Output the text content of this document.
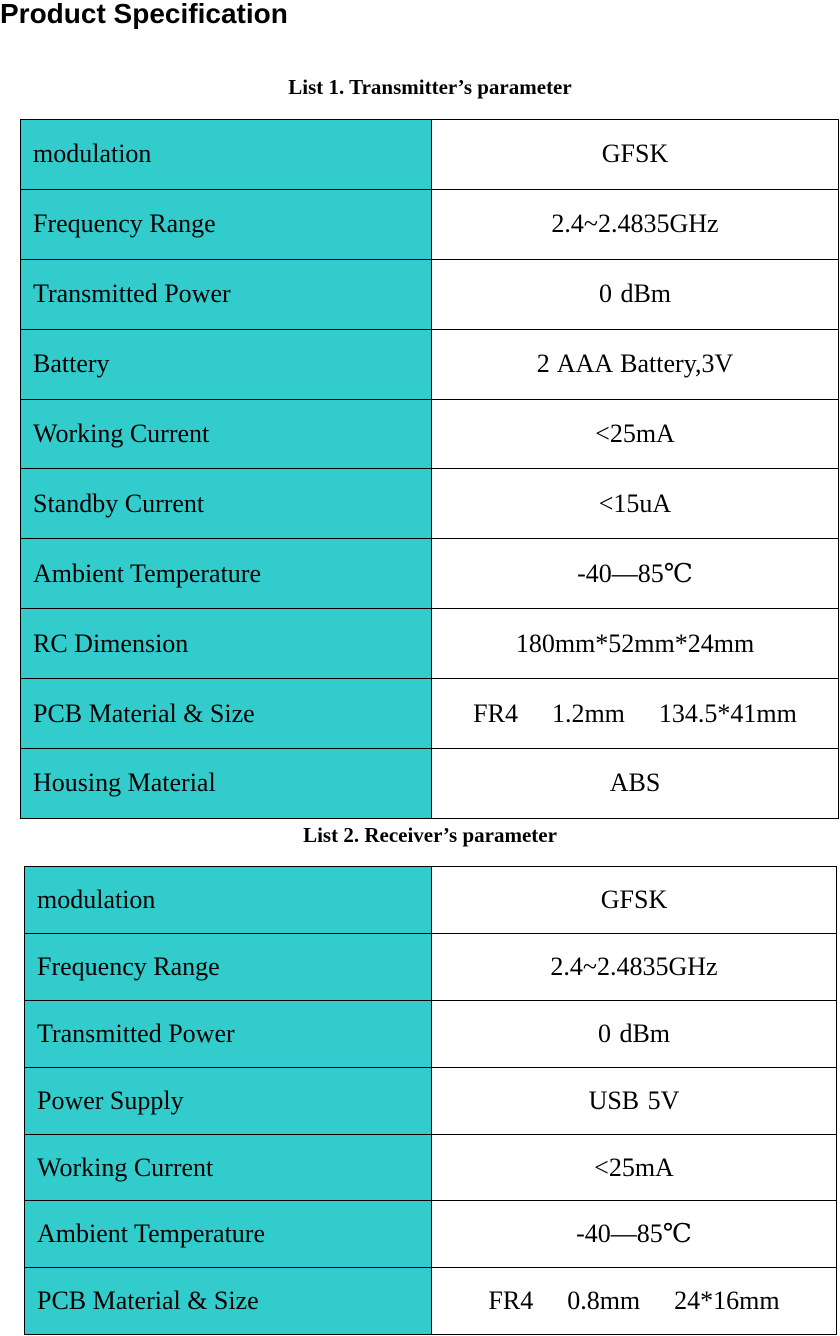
Product Specification
List 1. Transmitter’s parameter
modulation	GFSK
Frequency Range	2.4~2.4835GHz
Transmitted Power	0 dBm
Battery	2 AAA Battery,3V
Working Current	<25mA
Standby Current	<15uA
Ambient Temperature	-40—85℃
RC Dimension	180mm*52mm*24mm
PCB Material & Size	FR4    1.2mm    134.5*41mm
Housing Material	ABS
List 2. Receiver’s parameter
modulation	GFSK
Frequency Range	2.4~2.4835GHz
Transmitted Power	0 dBm
Power Supply	USB 5V
Working Current	<25mA
Ambient Temperature	-40—85℃
PCB Material & Size	FR4    0.8mm    24*16mm
